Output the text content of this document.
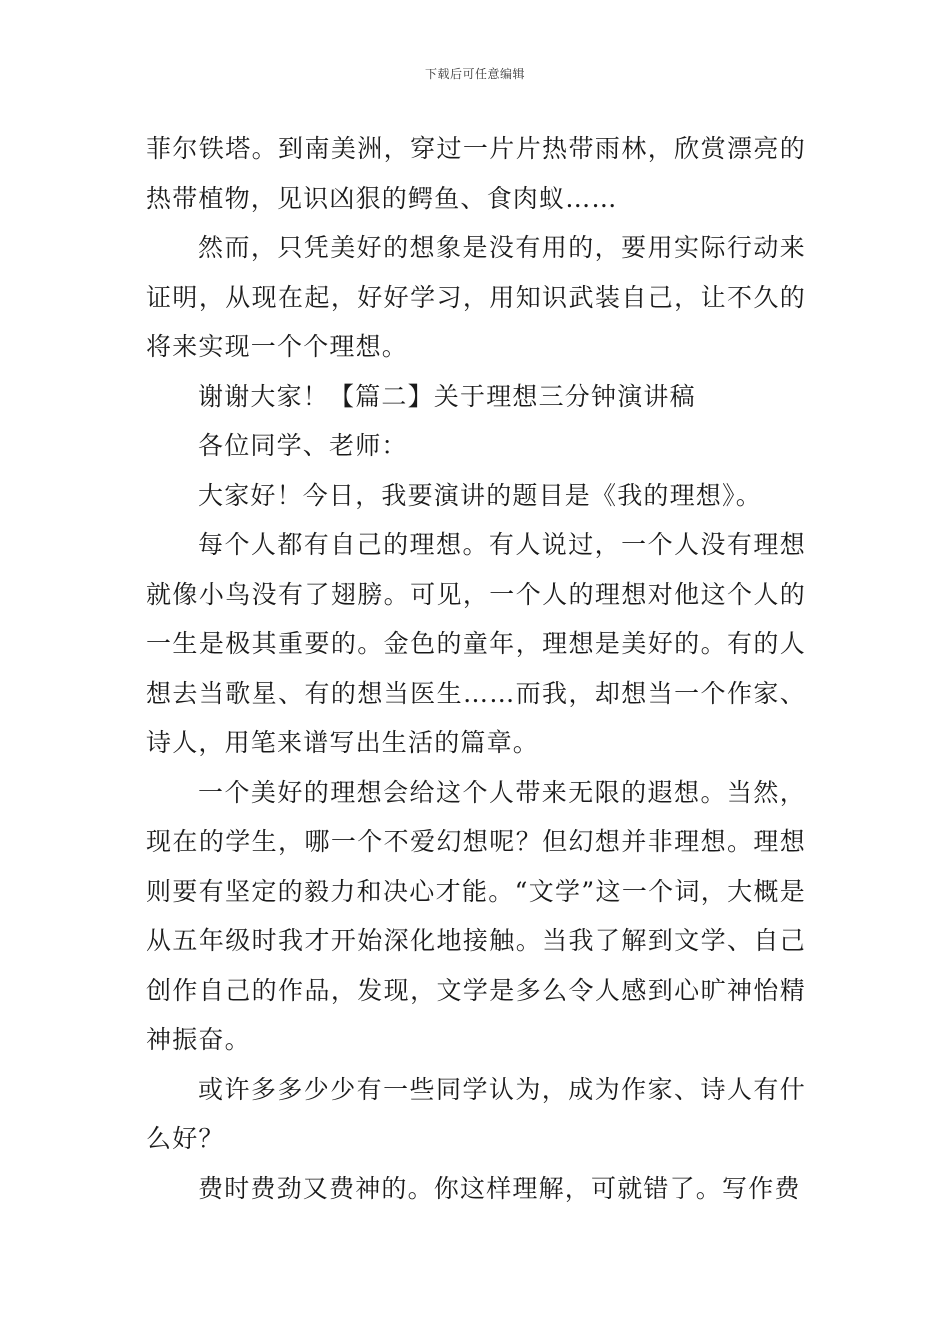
下载后可任意编辑

菲尔铁塔。到南美洲，穿过一片片热带雨林，欣赏漂亮的热带植物，见识凶狠的鳄鱼、食肉蚁……

然而，只凭美好的想象是没有用的，要用实际行动来证明，从现在起，好好学习，用知识武装自己，让不久的将来实现一个个理想。

谢谢大家！【篇二】关于理想三分钟演讲稿

各位同学、老师：

大家好！今日，我要演讲的题目是《我的理想》。

每个人都有自己的理想。有人说过，一个人没有理想就像小鸟没有了翅膀。可见，一个人的理想对他这个人的一生是极其重要的。金色的童年，理想是美好的。有的人想去当歌星、有的想当医生……而我，却想当一个作家、诗人，用笔来谱写出生活的篇章。

一个美好的理想会给这个人带来无限的遐想。当然，现在的学生，哪一个不爱幻想呢？但幻想并非理想。理想则要有坚定的毅力和决心才能。“文学”这一个词，大概是从五年级时我才开始深化地接触。当我了解到文学、自己创作自己的作品，发现，文学是多么令人感到心旷神怡精神振奋。

或许多多少少有一些同学认为，成为作家、诗人有什么好？

费时费劲又费神的。你这样理解，可就错了。写作费
